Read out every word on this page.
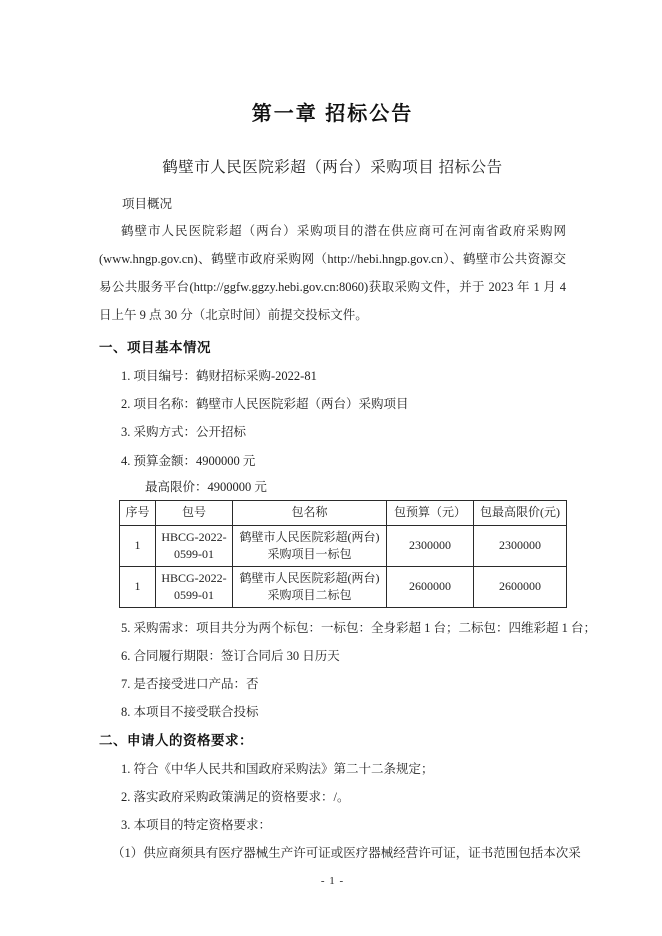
第一章 招标公告
鹤壁市人民医院彩超（两台）采购项目 招标公告
项目概况
鹤壁市人民医院彩超（两台）采购项目的潜在供应商可在河南省政府采购网
(www.hngp.gov.cn)、鹤壁市政府采购网（http://hebi.hngp.gov.cn）、鹤壁市公共资源交
易公共服务平台(http://ggfw.ggzy.hebi.gov.cn:8060)获取采购文件，并于 2023 年 1 月 4
日上午 9 点 30 分（北京时间）前提交投标文件。
一、项目基本情况

1. 项目编号：鹤财招标采购-2022-81

2. 项目名称：鹤壁市人民医院彩超（两台）采购项目

3. 采购方式：公开招标

4. 预算金额：4900000 元

最高限价：4900000 元
序号	包号	包名称	包预算（元）	包最高限价(元)
1	HBCG-2022-0599-01	鹤壁市人民医院彩超(两台)采购项目一标包	2300000	2300000
1	HBCG-2022-0599-01	鹤壁市人民医院彩超(两台)采购项目二标包	2600000	2600000

5. 采购需求：项目共分为两个标包：一标包：全身彩超 1 台；二标包：四维彩超 1 台；

6. 合同履行期限：签订合同后 30 日历天

7. 是否接受进口产品：否

8. 本项目不接受联合投标

二、申请人的资格要求：

1. 符合《中华人民共和国政府采购法》第二十二条规定；

2. 落实政府采购政策满足的资格要求：/。

3. 本项目的特定资格要求：

（1）供应商须具有医疗器械生产许可证或医疗器械经营许可证，证书范围包括本次采

- 1 -
